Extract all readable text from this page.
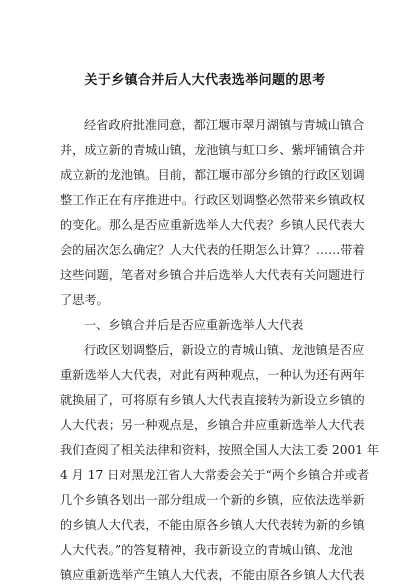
关于乡镇合并后人大代表选举问题的思考
经省政府批准同意，都江堰市翠月湖镇与青城山镇合
并，成立新的青城山镇，龙池镇与虹口乡、紫坪铺镇合并
成立新的龙池镇。目前，都江堰市部分乡镇的行政区划调
整工作正在有序推进中。行政区划调整必然带来乡镇政权
的变化。那么是否应重新选举人大代表？乡镇人民代表大
会的届次怎么确定？人大代表的任期怎么计算？……带着
这些问题，笔者对乡镇合并后选举人大代表有关问题进行
了思考。
一、乡镇合并后是否应重新选举人大代表
行政区划调整后，新设立的青城山镇、龙池镇是否应
重新选举人大代表，对此有两种观点，一种认为还有两年
就换届了，可将原有乡镇人大代表直接转为新设立乡镇的
人大代表；另一种观点是，乡镇合并应重新选举人大代表
我们查阅了相关法律和资料，按照全国人大法工委 2001 年
4 月 17 日对黑龙江省人大常委会关于“两个乡镇合并或者
几个乡镇各划出一部分组成一个新的乡镇，应依法选举新
的乡镇人大代表，不能由原各乡镇人大代表转为新的乡镇
人大代表。”的答复精神，我市新设立的青城山镇、龙池
镇应重新选举产生镇人大代表，不能由原各乡镇人大代表
